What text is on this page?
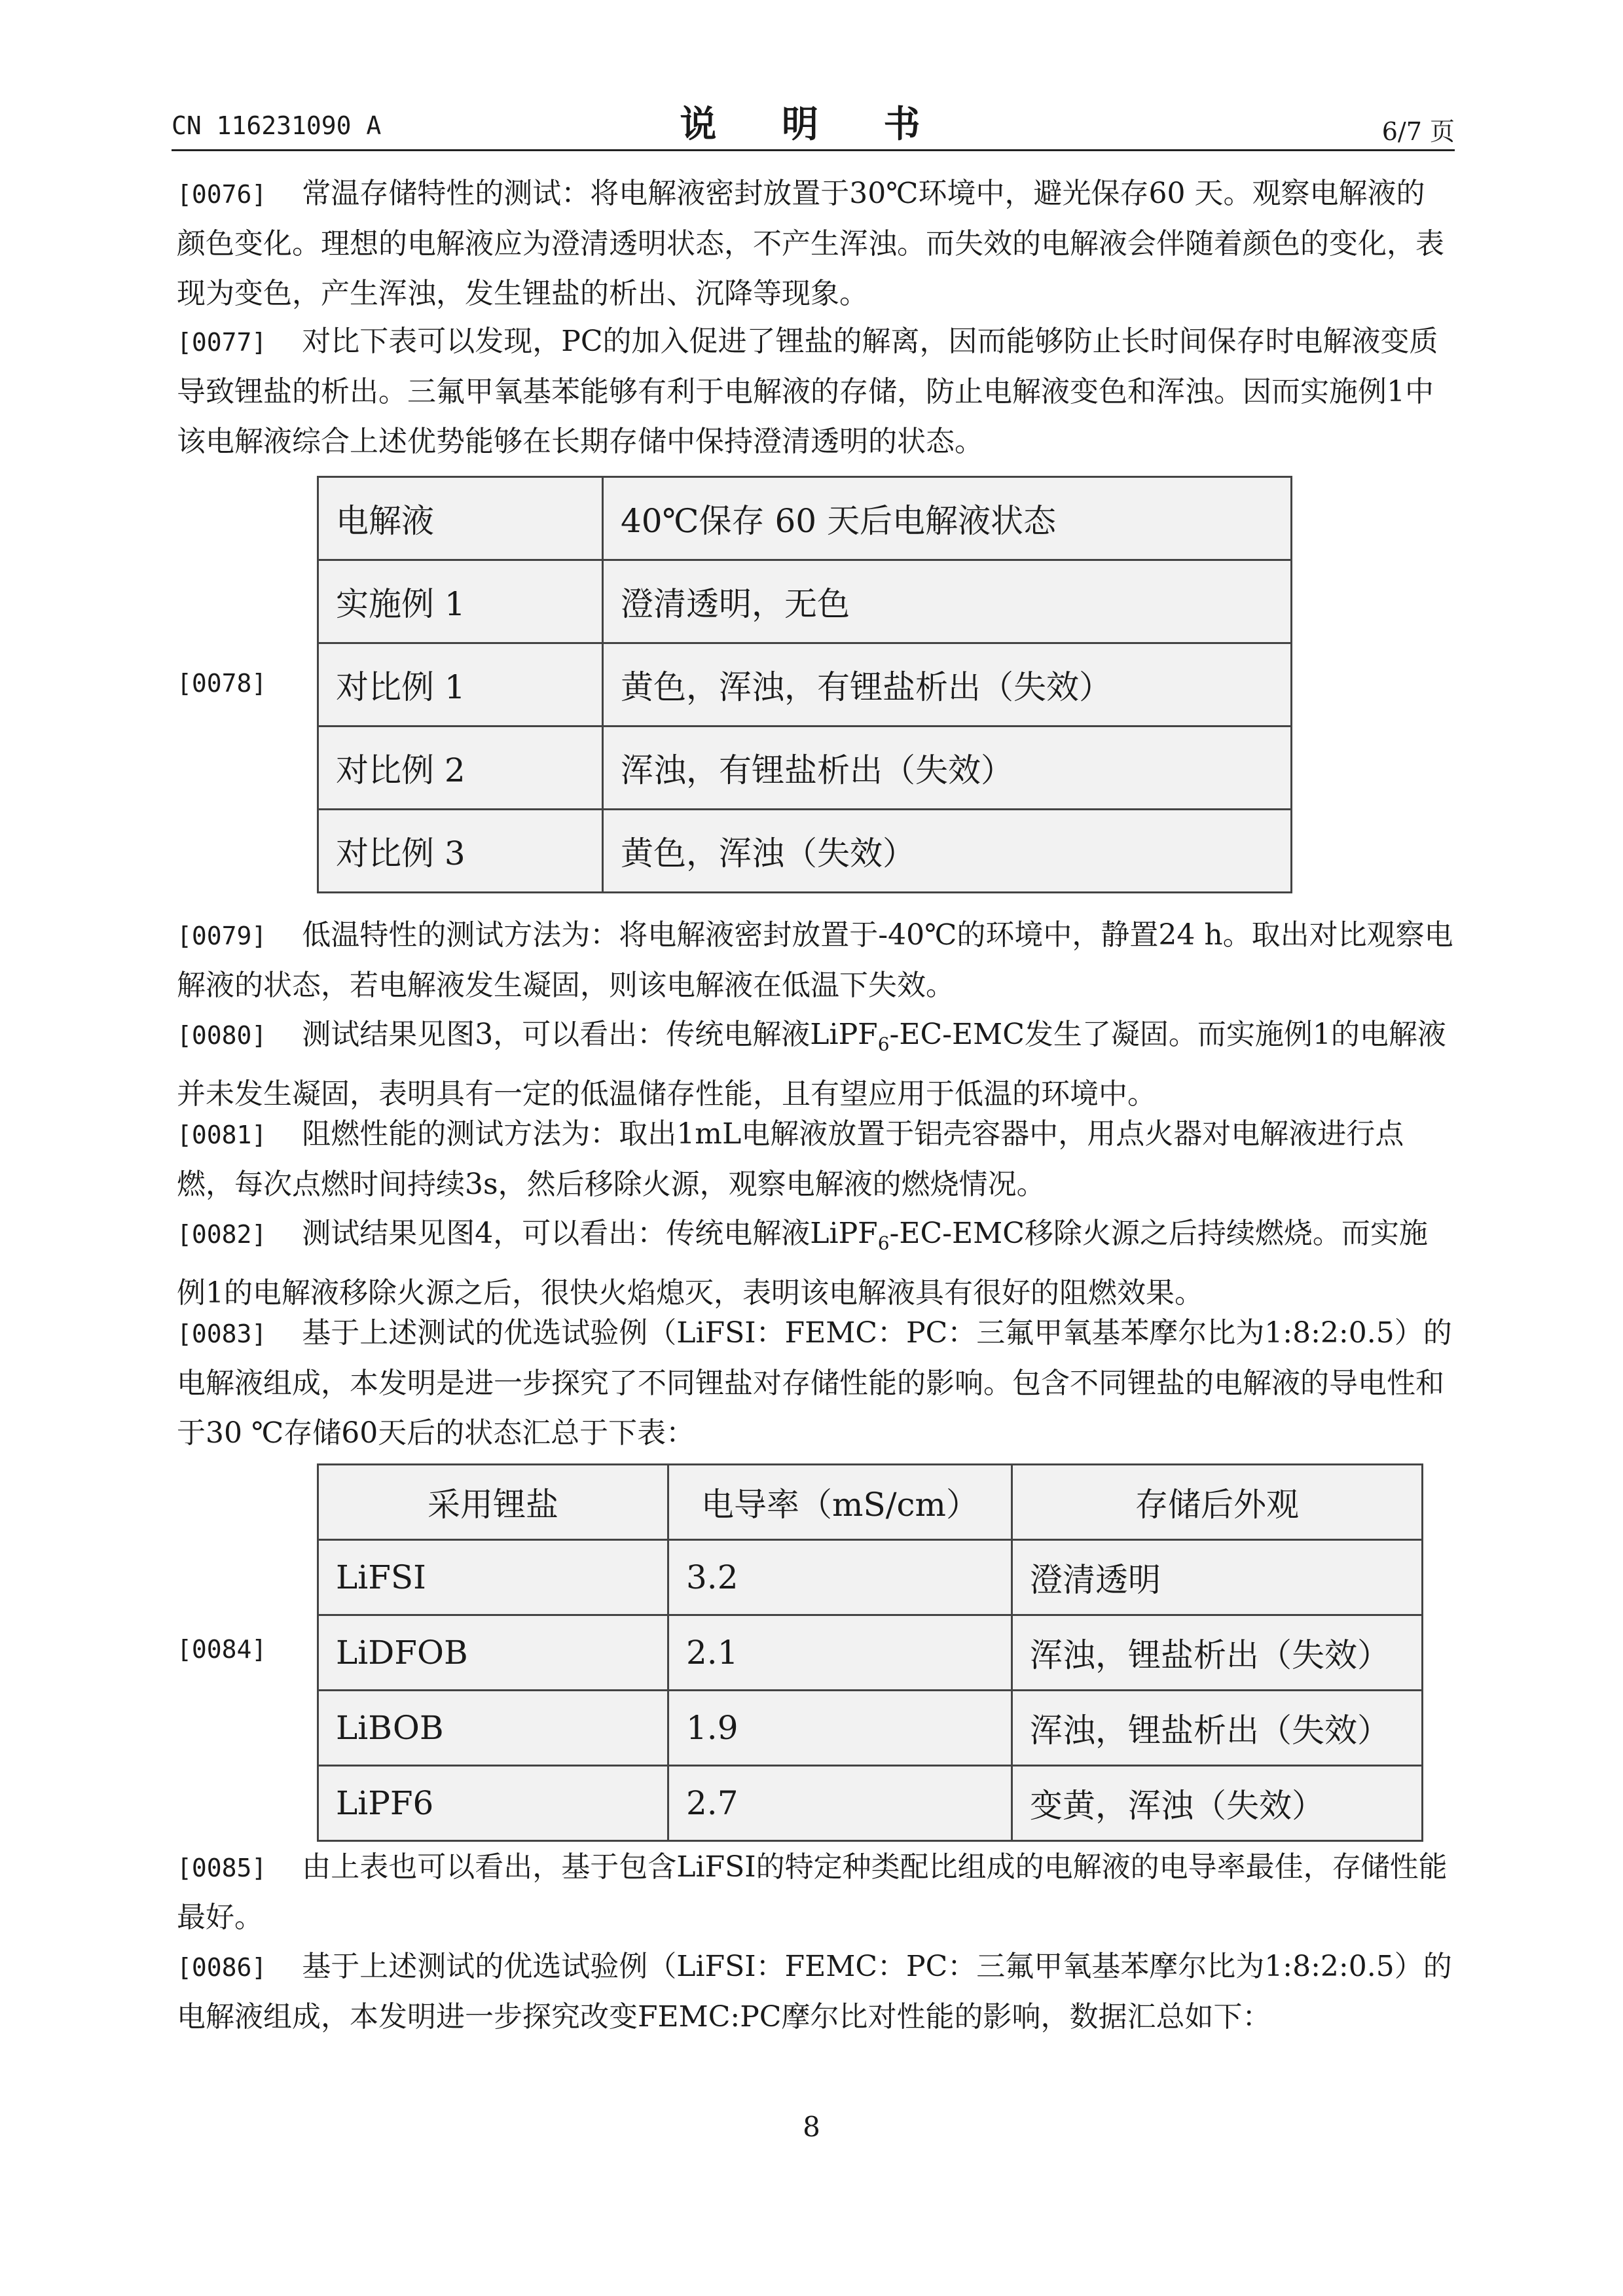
CN 116231090 A	说 明 书	6/7 页
[0076] 常温存储特性的测试：将电解液密封放置于30℃环境中，避光保存60 天。观察电解液的颜色变化。理想的电解液应为澄清透明状态，不产生浑浊。而失效的电解液会伴随着颜色的变化，表现为变色，产生浑浊，发生锂盐的析出、沉降等现象。
[0077] 对比下表可以发现，PC的加入促进了锂盐的解离，因而能够防止长时间保存时电解液变质导致锂盐的析出。三氟甲氧基苯能够有利于电解液的存储，防止电解液变色和浑浊。因而实施例1中该电解液综合上述优势能够在长期存储中保持澄清透明的状态。
[0078]
电解液	40℃保存 60 天后电解液状态
实施例 1	澄清透明，无色
对比例 1	黄色，浑浊，有锂盐析出（失效）
对比例 2	浑浊，有锂盐析出（失效）
对比例 3	黄色，浑浊（失效）
[0079] 低温特性的测试方法为：将电解液密封放置于-40℃的环境中，静置24 h。取出对比观察电解液的状态，若电解液发生凝固，则该电解液在低温下失效。
[0080] 测试结果见图3，可以看出：传统电解液LiPF$_6$-EC-EMC发生了凝固。而实施例1的电解液并未发生凝固，表明具有一定的低温储存性能，且有望应用于低温的环境中。
[0081] 阻燃性能的测试方法为：取出1mL电解液放置于铝壳容器中，用点火器对电解液进行点燃，每次点燃时间持续3s，然后移除火源，观察电解液的燃烧情况。
[0082] 测试结果见图4，可以看出：传统电解液LiPF$_6$-EC-EMC移除火源之后持续燃烧。而实施例1的电解液移除火源之后，很快火焰熄灭，表明该电解液具有很好的阻燃效果。
[0083] 基于上述测试的优选试验例（LiFSI：FEMC：PC：三氟甲氧基苯摩尔比为1:8:2:0.5）的电解液组成，本发明是进一步探究了不同锂盐对存储性能的影响。包含不同锂盐的电解液的导电性和于30 ℃存储60天后的状态汇总于下表：
[0084]
采用锂盐	电导率（mS/cm）	存储后外观
LiFSI	3.2	澄清透明
LiDFOB	2.1	浑浊，锂盐析出（失效）
LiBOB	1.9	浑浊，锂盐析出（失效）
LiPF6	2.7	变黄，浑浊（失效）
[0085] 由上表也可以看出，基于包含LiFSI的特定种类配比组成的电解液的电导率最佳，存储性能最好。
[0086] 基于上述测试的优选试验例（LiFSI：FEMC：PC：三氟甲氧基苯摩尔比为1:8:2:0.5）的电解液组成，本发明进一步探究改变FEMC:PC摩尔比对性能的影响，数据汇总如下：
8
